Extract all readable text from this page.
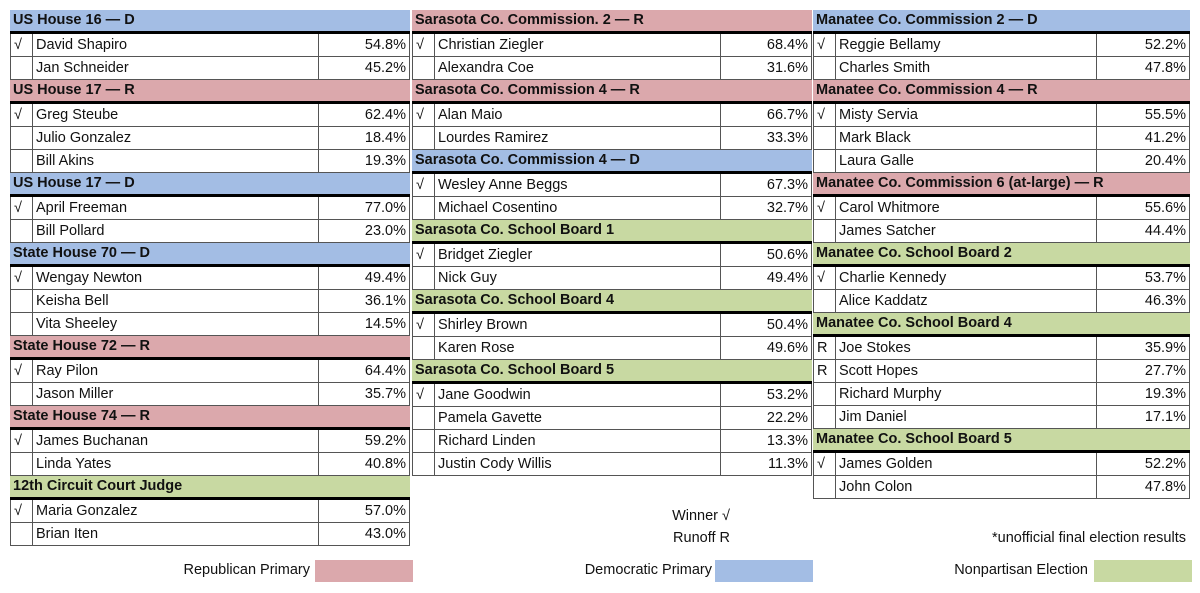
US House 16 — D
√ David Shapiro	54.8%
Jan Schneider	45.2%
US House 17 — R
√ Greg Steube	62.4%
Julio Gonzalez	18.4%
Bill Akins	19.3%
US House 17 — D
√ April Freeman	77.0%
Bill Pollard	23.0%
State House 70 — D
√ Wengay Newton	49.4%
Keisha Bell	36.1%
Vita Sheeley	14.5%
State House 72 — R
√ Ray Pilon	64.4%
Jason Miller	35.7%
State House 74 — R
√ James Buchanan	59.2%
Linda Yates	40.8%
12th Circuit Court Judge
√ Maria Gonzalez	57.0%
Brian Iten	43.0%
Sarasota Co. Commission. 2 — R
√ Christian Ziegler	68.4%
Alexandra Coe	31.6%
Sarasota Co. Commission 4 — R
√ Alan Maio	66.7%
Lourdes Ramirez	33.3%
Sarasota Co. Commission 4 — D
√ Wesley Anne Beggs	67.3%
Michael Cosentino	32.7%
Sarasota Co. School Board 1
√ Bridget Ziegler	50.6%
Nick Guy	49.4%
Sarasota Co. School Board 4
√ Shirley Brown	50.4%
Karen Rose	49.6%
Sarasota Co. School Board 5
√ Jane Goodwin	53.2%
Pamela Gavette	22.2%
Richard Linden	13.3%
Justin Cody Willis	11.3%
Manatee Co. Commission 2 — D
√ Reggie Bellamy	52.2%
Charles Smith	47.8%
Manatee Co. Commission 4 — R
√ Misty Servia	55.5%
Mark Black	41.2%
Laura Galle	20.4%
Manatee Co. Commission 6 (at-large) — R
√ Carol Whitmore	55.6%
James Satcher	44.4%
Manatee Co. School Board 2
√ Charlie Kennedy	53.7%
Alice Kaddatz	46.3%
Manatee Co. School Board 4
R Joe Stokes	35.9%
R Scott Hopes	27.7%
Richard Murphy	19.3%
Jim Daniel	17.1%
Manatee Co. School Board 5
√ James Golden	52.2%
John Colon	47.8%
Winner √
Runoff R	*unofficial final election results
Republican Primary	Democratic Primary	Nonpartisan Election
